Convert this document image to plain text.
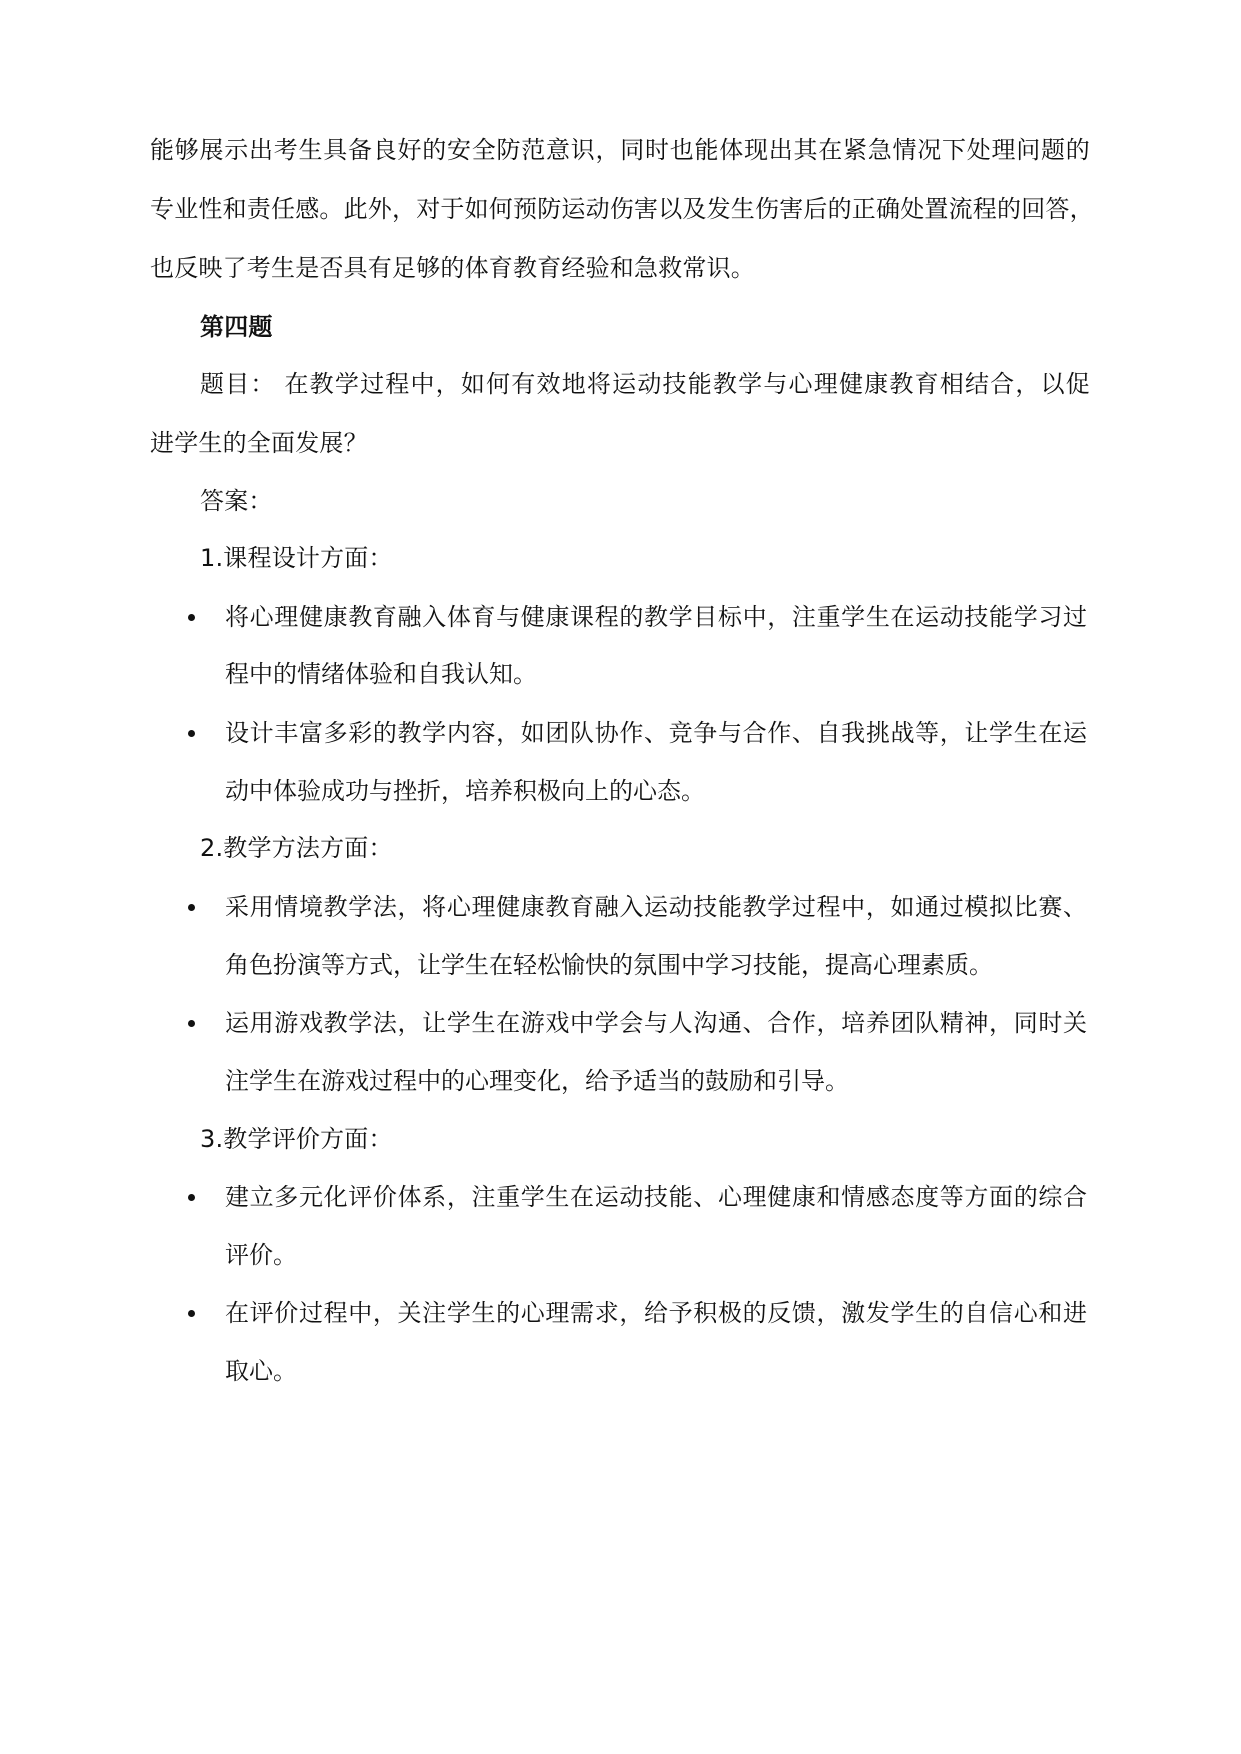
能够展示出考生具备良好的安全防范意识，同时也能体现出其在紧急情况下处理问题的
专业性和责任感。此外，对于如何预防运动伤害以及发生伤害后的正确处置流程的回答，
也反映了考生是否具有足够的体育教育经验和急救常识。
第四题
题目： 在教学过程中，如何有效地将运动技能教学与心理健康教育相结合，以促
进学生的全面发展？
答案：
1.课程设计方面：
将心理健康教育融入体育与健康课程的教学目标中，注重学生在运动技能学习过
程中的情绪体验和自我认知。
设计丰富多彩的教学内容，如团队协作、竞争与合作、自我挑战等，让学生在运
动中体验成功与挫折，培养积极向上的心态。
2.教学方法方面：
采用情境教学法，将心理健康教育融入运动技能教学过程中，如通过模拟比赛、
角色扮演等方式，让学生在轻松愉快的氛围中学习技能，提高心理素质。
运用游戏教学法，让学生在游戏中学会与人沟通、合作，培养团队精神，同时关
注学生在游戏过程中的心理变化，给予适当的鼓励和引导。
3.教学评价方面：
建立多元化评价体系，注重学生在运动技能、心理健康和情感态度等方面的综合
评价。
在评价过程中，关注学生的心理需求，给予积极的反馈，激发学生的自信心和进
取心。
